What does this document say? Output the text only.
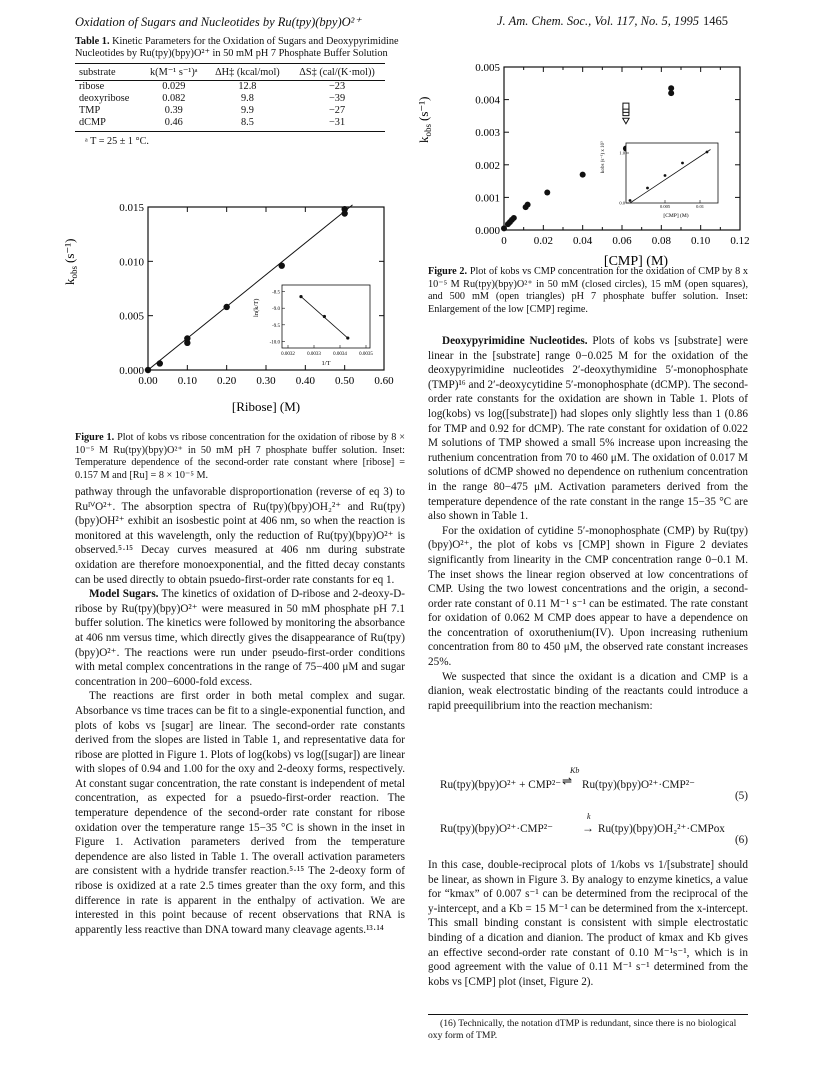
Oxidation of Sugars and Nucleotides by Ru(tpy)(bpy)O²⁺	J. Am. Chem. Soc., Vol. 117, No. 5, 1995 1465
Table 1. Kinetic Parameters for the Oxidation of Sugars and Deoxypyrimidine Nucleotides by Ru(tpy)(bpy)O²⁺ in 50 mM pH 7 Phosphate Buffer Solution
substrate	k(M⁻¹ s⁻¹)ᵃ	ΔH‡ (kcal/mol)	ΔS‡ (cal/(K·mol))
ribose	0.029	12.8	−23
deoxyribose	0.082	9.8	−39
TMP	0.39	9.9	−27
dCMP	0.46	8.5	−31
ᵃ T = 25 ± 1 °C.
0.00 0.10 0.20 0.30 0.40 0.50 0.60
0.000
0.005
0.010
0.015
$k_{obs}(s^{-1})$
[Ribose] (M)
0.0032 0.0033 0.0034 0.0035
-8.5
-9.0
-9.5
-10.0
ln(k/T)
1/T
Figure 1. Plot of kobs vs ribose concentration for the oxidation of ribose by 8 × 10⁻⁵ M Ru(tpy)(bpy)O²⁺ in 50 mM pH 7 phosphate buffer solution. Inset: Temperature dependence of the second-order rate constant where [ribose] = 0.157 M and [Ru] = 8 × 10⁻⁵ M.

pathway through the unfavorable disproportionation (reverse of eq 3) to RuᴵⱽO²⁺. The absorption spectra of Ru(tpy)(bpy)OH₂²⁺ and Ru(tpy)(bpy)OH²⁺ exhibit an isosbestic point at 406 nm, so when the reaction is monitored at this wavelength, only the reduction of Ru(tpy)(bpy)O²⁺ is observed.⁵·¹⁵ Decay curves measured at 406 nm during substrate oxidation are therefore monoexponential, and the fitted decay constants can be used directly to obtain psuedo-first-order rate constants for eq 1.

Model Sugars. The kinetics of oxidation of D-ribose and 2-deoxy-D-ribose by Ru(tpy)(bpy)O²⁺ were measured in 50 mM phosphate pH 7.1 buffer solution. The kinetics were followed by monitoring the absorbance at 406 nm versus time, which directly gives the disappearance of Ru(tpy)(bpy)O²⁺. The reactions were run under pseudo-first-order conditions with metal complex concentrations in the range of 75−400 μM and sugar concentration in 200−6000-fold excess.

The reactions are first order in both metal complex and sugar. Absorbance vs time traces can be fit to a single-exponential function, and plots of kobs vs [sugar] are linear. The second-order rate constants derived from the slopes are listed in Table 1, and representative data for ribose are plotted in Figure 1. Plots of log(kobs) vs log([sugar]) are linear with slopes of 0.94 and 1.00 for the oxy and 2-deoxy forms, respectively. At constant sugar concentration, the rate constant is independent of metal concentration, as expected for a psuedo-first-order reaction. The temperature dependence of the second-order rate constant for ribose oxidation over the temperature range 15−35 °C is shown in the inset in Figure 1. Activation parameters derived from the temperature dependence are also listed in Table 1. The overall activation parameters are consistent with a hydride transfer reaction.⁵·¹⁵ The 2-deoxy form of ribose is oxidized at a rate 2.5 times greater than the oxy form, and this difference in rate is apparent in the enthalpy of activation. We are interested in this point because of recent observations that RNA is apparently less reactive than DNA toward many cleavage agents.¹³·¹⁴

0 0.02 0.04 0.06 0.08 0.10 0.12
0.000
0.001
0.002
0.003
0.004
0.005
$k_{obs}(s^{-1})$
[CMP] (M)
0.005	0.01
0.0
1.0
kobs (s⁻¹) x 10³
[CMP] (M)
Figure 2. Plot of kobs vs CMP concentration for the oxidation of CMP by 8 x 10⁻⁵ M Ru(tpy)(bpy)O²⁺ in 50 mM (closed circles), 15 mM (open squares), and 500 mM (open triangles) pH 7 phosphate buffer solution. Inset: Enlargement of the low [CMP] regime.

Deoxypyrimidine Nucleotides. Plots of kobs vs [substrate] were linear in the [substrate] range 0−0.025 M for the oxidation of the deoxypyrimidine nucleotides 2′-deoxythymidine 5′-monophosphate (TMP)¹⁶ and 2′-deoxycytidine 5′-monophosphate (dCMP). The second-order rate constants for the oxidation are shown in Table 1. Plots of log(kobs) vs log([substrate]) had slopes only slightly less than 1 (0.86 for TMP and 0.92 for dCMP). The rate constant for oxidation of 0.022 M solutions of TMP showed a small 5% increase upon increasing the ruthenium concentration from 70 to 460 μM. The oxidation of 0.017 M solutions of dCMP showed no dependence on ruthenium concentration in the range 80−475 μM. Activation parameters derived from the temperature dependence of the rate constant in the range 15−35 °C are also shown in Table 1.

For the oxidation of cytidine 5′-monophosphate (CMP) by Ru(tpy)(bpy)O²⁺, the plot of kobs vs [CMP] shown in Figure 2 deviates significantly from linearity in the CMP concentration range 0−0.1 M. The inset shows the linear region observed at low concentrations of CMP. Using the two lowest concentrations and the origin, a second-order rate constant of 0.11 M⁻¹ s⁻¹ can be estimated. The rate constant for oxidation of 0.062 M CMP does appear to have a dependence on the concentration of oxoruthenium(IV). Upon increasing ruthenium concentration from 80 to 450 μM, the observed rate constant increases 25%.

We suspected that since the oxidant is a dication and CMP is a dianion, weak electrostatic binding of the reactants could introduce a rapid preequilibrium into the reaction mechanism:

Ru(tpy)(bpy)O²⁺ + CMP²⁻
Kb
⇌ Ru(tpy)(bpy)O²⁺·CMP²⁻
(5)
Ru(tpy)(bpy)O²⁺·CMP²⁻
k
→ Ru(tpy)(bpy)OH₂²⁺·CMPox
(6)

In this case, double-reciprocal plots of 1/kobs vs 1/[substrate] should be linear, as shown in Figure 3. By analogy to enzyme kinetics, a value for “kmax” of 0.007 s⁻¹ can be determined from the reciprocal of the y-intercept, and a Kb = 15 M⁻¹ can be determined from the x-intercept. This small binding constant is consistent with simple electrostatic binding of a dication and dianion. The product of kmax and Kb gives an effective second-order rate constant of 0.10 M⁻¹s⁻¹, which is in good agreement with the value of 0.11 M⁻¹ s⁻¹ determined from the kobs vs [CMP] plot (inset, Figure 2).

(16) Technically, the notation dTMP is redundant, since there is no biological oxy form of TMP.
